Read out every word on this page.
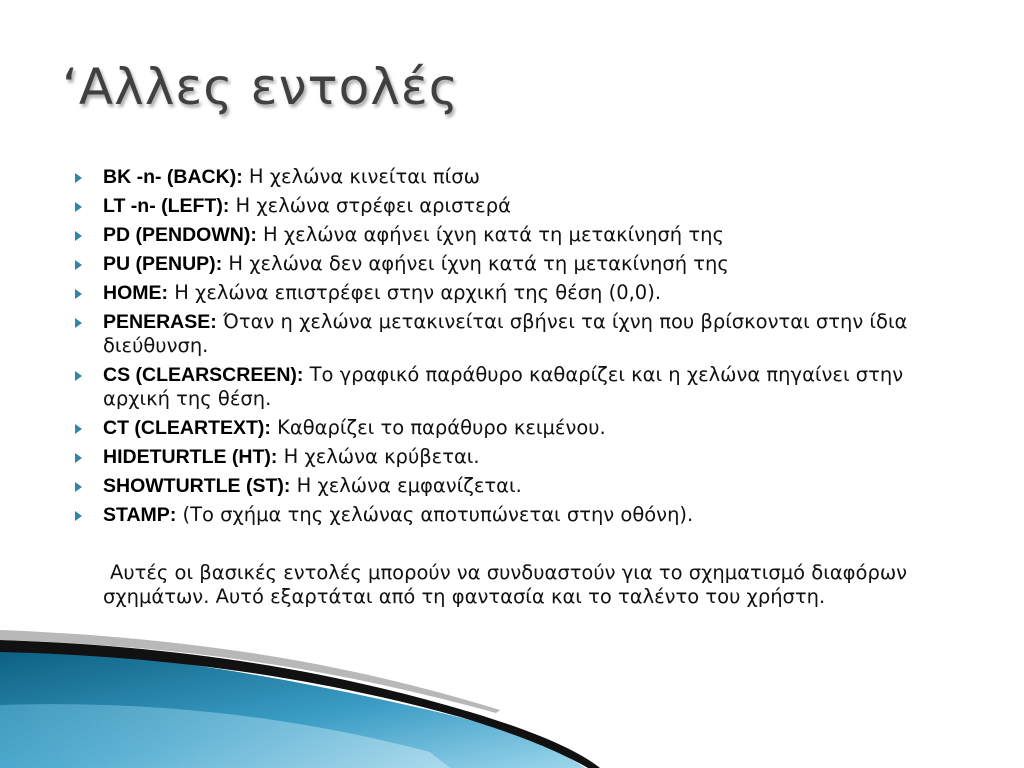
‘Αλλες εντολές
BK -n- (BACK): Η χελώνα κινείται πίσω
LT -n- (LEFT): Η χελώνα στρέφει αριστερά
PD (PENDOWN): Η χελώνα αφήνει ίχνη κατά τη μετακίνησή της
PU (PENUP): Η χελώνα δεν αφήνει ίχνη κατά τη μετακίνησή της
HOME: Η χελώνα επιστρέφει στην αρχική της θέση (0,0).
PENERASE: Όταν η χελώνα μετακινείται σβήνει τα ίχνη που βρίσκονται στην ίδια διεύθυνση.
CS (CLEARSCREEN): Το γραφικό παράθυρο καθαρίζει και η χελώνα πηγαίνει στην αρχική της θέση.
CT (CLEARTEXT): Καθαρίζει το παράθυρο κειμένου.
HIDETURTLE (HT): Η χελώνα κρύβεται.
SHOWTURTLE (ST): Η χελώνα εμφανίζεται.
STAMP: (Το σχήμα της χελώνας αποτυπώνεται στην οθόνη).

Αυτές οι βασικές εντολές μπορούν να συνδυαστούν για το σχηματισμό διαφόρων σχημάτων. Αυτό εξαρτάται από τη φαντασία και το ταλέντο του χρήστη.
